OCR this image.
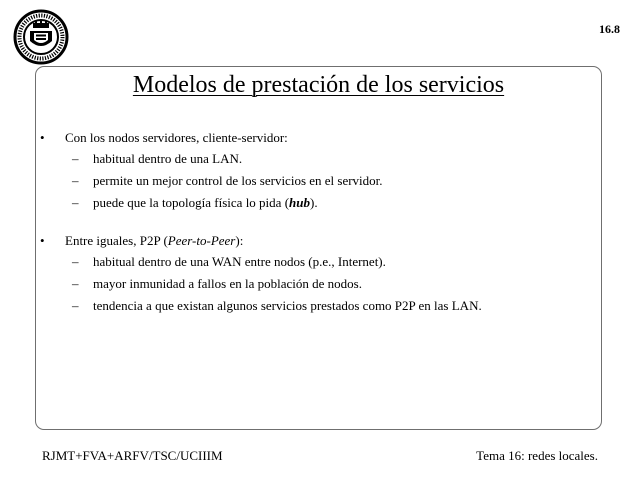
16.8
Modelos de prestación de los servicios
• Con los nodos servidores, cliente-servidor:
– habitual dentro de una LAN.
– permite un mejor control de los servicios en el servidor.
– puede que la topología física lo pida (hub).
• Entre iguales, P2P (Peer-to-Peer):
– habitual dentro de una WAN entre nodos (p.e., Internet).
– mayor inmunidad a fallos en la población de nodos.
– tendencia a que existan algunos servicios prestados como P2P en las LAN.
RJMT+FVA+ARFV/TSC/UCIIIM	Tema 16: redes locales.
